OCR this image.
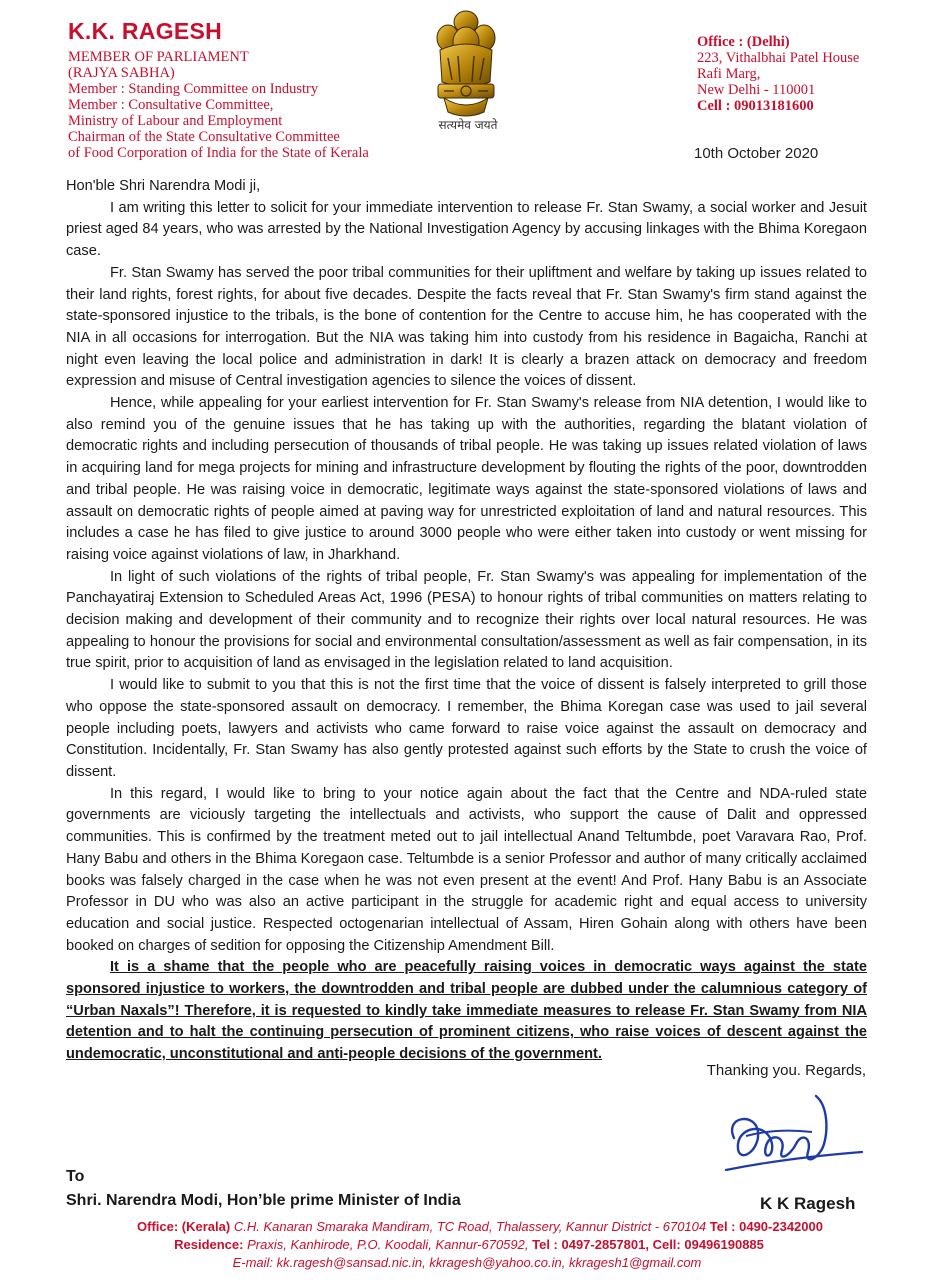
K.K. RAGESH
MEMBER OF PARLIAMENT
(RAJYA SABHA)
Member : Standing Committee on Industry
Member : Consultative Committee,
Ministry of Labour and Employment
Chairman of the State Consultative Committee
of Food Corporation of India for the State of Kerala
सत्यमेव जयते
Office : (Delhi)
223, Vithalbhai Patel House
Rafi Marg,
New Delhi - 110001
Cell : 09013181600
10th October 2020

Hon'ble Shri Narendra Modi ji,

I am writing this letter to solicit for your immediate intervention to release Fr. Stan Swamy, a social worker and Jesuit priest aged 84 years, who was arrested by the National Investigation Agency by accusing linkages with the Bhima Koregaon case.

Fr. Stan Swamy has served the poor tribal communities for their upliftment and welfare by taking up issues related to their land rights, forest rights, for about five decades. Despite the facts reveal that Fr. Stan Swamy's firm stand against the state-sponsored injustice to the tribals, is the bone of contention for the Centre to accuse him, he has cooperated with the NIA in all occasions for interrogation. But the NIA was taking him into custody from his residence in Bagaicha, Ranchi at night even leaving the local police and administration in dark! It is clearly a brazen attack on democracy and freedom expression and misuse of Central investigation agencies to silence the voices of dissent.

Hence, while appealing for your earliest intervention for Fr. Stan Swamy's release from NIA detention, I would like to also remind you of the genuine issues that he has taking up with the authorities, regarding the blatant violation of democratic rights and including persecution of thousands of tribal people. He was taking up issues related violation of laws in acquiring land for mega projects for mining and infrastructure development by flouting the rights of the poor, downtrodden and tribal people. He was raising voice in democratic, legitimate ways against the state-sponsored violations of laws and assault on democratic rights of people aimed at paving way for unrestricted exploitation of land and natural resources. This includes a case he has filed to give justice to around 3000 people who were either taken into custody or went missing for raising voice against violations of law, in Jharkhand.

In light of such violations of the rights of tribal people, Fr. Stan Swamy's was appealing for implementation of the Panchayatiraj Extension to Scheduled Areas Act, 1996 (PESA) to honour rights of tribal communities on matters relating to decision making and development of their community and to recognize their rights over local natural resources. He was appealing to honour the provisions for social and environmental consultation/assessment as well as fair compensation, in its true spirit, prior to acquisition of land as envisaged in the legislation related to land acquisition.

I would like to submit to you that this is not the first time that the voice of dissent is falsely interpreted to grill those who oppose the state-sponsored assault on democracy. I remember, the Bhima Koregan case was used to jail several people including poets, lawyers and activists who came forward to raise voice against the assault on democracy and Constitution. Incidentally, Fr. Stan Swamy has also gently protested against such efforts by the State to crush the voice of dissent.

In this regard, I would like to bring to your notice again about the fact that the Centre and NDA-ruled state governments are viciously targeting the intellectuals and activists, who support the cause of Dalit and oppressed communities. This is confirmed by the treatment meted out to jail intellectual Anand Teltumbde, poet Varavara Rao, Prof. Hany Babu and others in the Bhima Koregaon case. Teltumbde is a senior Professor and author of many critically acclaimed books was falsely charged in the case when he was not even present at the event! And Prof. Hany Babu is an Associate Professor in DU who was also an active participant in the struggle for academic right and equal access to university education and social justice. Respected octogenarian intellectual of Assam, Hiren Gohain along with others have been booked on charges of sedition for opposing the Citizenship Amendment Bill.

It is a shame that the people who are peacefully raising voices in democratic ways against the state sponsored injustice to workers, the downtrodden and tribal people are dubbed under the calumnious category of “Urban Naxals”! Therefore, it is requested to kindly take immediate measures to release Fr. Stan Swamy from NIA detention and to halt the continuing persecution of prominent citizens, who raise voices of descent against the undemocratic, unconstitutional and anti-people decisions of the government.

Thanking you. Regards,
K K Ragesh
To
Shri. Narendra Modi, Hon’ble prime Minister of India
Office: (Kerala) C.H. Kanaran Smaraka Mandiram, TC Road, Thalassery, Kannur District - 670104 Tel : 0490-2342000
Residence: Praxis, Kanhirode, P.O. Koodali, Kannur-670592, Tel : 0497-2857801, Cell: 09496190885
E-mail: kk.ragesh@sansad.nic.in, kkragesh@yahoo.co.in, kkragesh1@gmail.com
